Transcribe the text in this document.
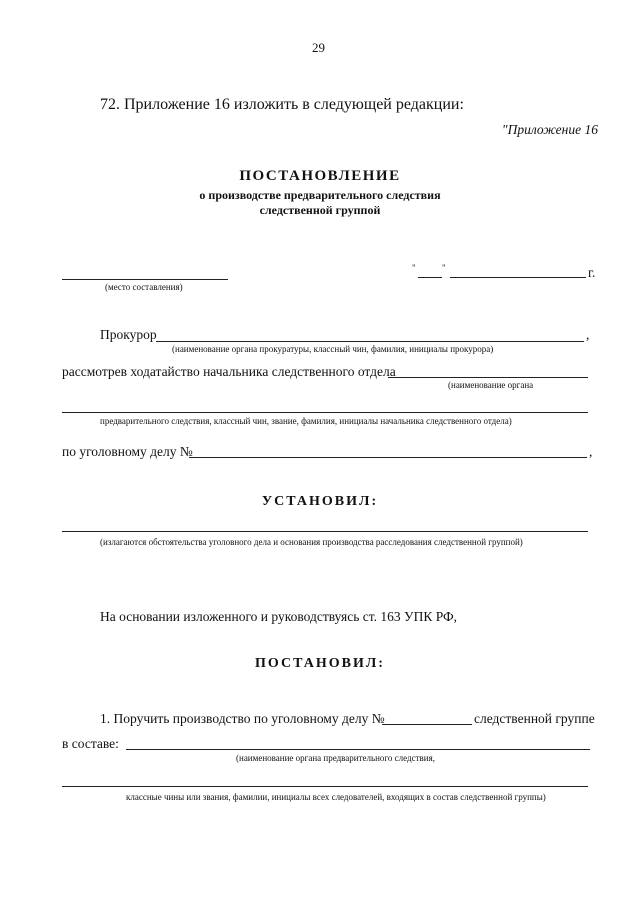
29
72. Приложение 16 изложить в следующей редакции:
"Приложение 16
ПОСТАНОВЛЕНИЕ
о производстве предварительного следствия
следственной группой
(место составления)
"	"	г.
Прокурор	,
(наименование органа прокуратуры, классный чин, фамилия, инициалы прокурора)
рассмотрев ходатайство начальника следственного отдела
(наименование органа
предварительного следствия, классный чин, звание, фамилия, инициалы начальника следственного отдела)
по уголовному делу №	,
УСТАНОВИЛ:
(излагаются обстоятельства уголовного дела и основания производства расследования следственной группой)
На основании изложенного и руководствуясь ст. 163 УПК РФ,
ПОСТАНОВИЛ:
1. Поручить производство по уголовному делу №	следственной группе
в составе:
(наименование органа предварительного следствия,
классные чины или звания, фамилии, инициалы всех следователей, входящих в состав следственной группы)
